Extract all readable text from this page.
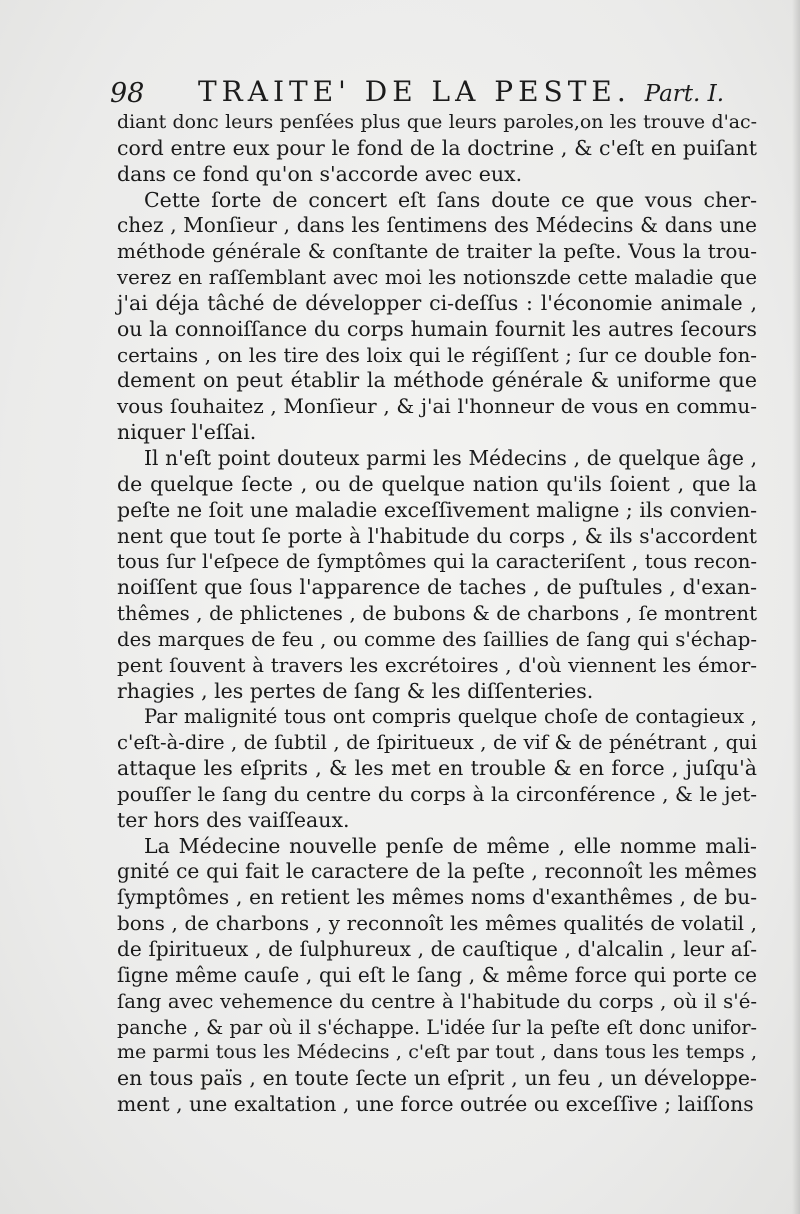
98 TRAITE' DE LA PESTE. Part. I.
diant donc leurs penſées plus que leurs paroles,on les trouve d'ac-
cord entre eux pour le fond de la doctrine , & c'eſt en puiſant
dans ce fond qu'on s'accorde avec eux.
Cette ſorte de concert eſt ſans doute ce que vous cher-
chez , Monſieur , dans les ſentimens des Médecins & dans une
méthode générale & conſtante de traiter la peſte. Vous la trou-
verez en raſſemblant avec moi les notionszde cette maladie que
j'ai déja tâché de développer ci-deſſus : l'économie animale ,
ou la connoiſſance du corps humain fournit les autres ſecours
certains , on les tire des loix qui le régiſſent ; ſur ce double fon-
dement on peut établir la méthode générale & uniforme que
vous ſouhaitez , Monſieur , & j'ai l'honneur de vous en commu-
niquer l'eſſai.
Il n'eſt point douteux parmi les Médecins , de quelque âge ,
de quelque ſecte , ou de quelque nation qu'ils ſoient , que la
peſte ne ſoit une maladie exceſſivement maligne ; ils convien-
nent que tout ſe porte à l'habitude du corps , & ils s'accordent
tous ſur l'eſpece de ſymptômes qui la caracteriſent , tous recon-
noiſſent que ſous l'apparence de taches , de puſtules , d'exan-
thêmes , de phlictenes , de bubons & de charbons , ſe montrent
des marques de feu , ou comme des ſaillies de ſang qui s'échap-
pent ſouvent à travers les excrétoires , d'où viennent les émor-
rhagies , les pertes de ſang & les diſſenteries.
Par malignité tous ont compris quelque choſe de contagieux ,
c'eſt-à-dire , de ſubtil , de ſpiritueux , de vif & de pénétrant , qui
attaque les eſprits , & les met en trouble & en force , juſqu'à
pouſſer le ſang du centre du corps à la circonférence , & le jet-
ter hors des vaiſſeaux.
La Médecine nouvelle penſe de même , elle nomme mali-
gnité ce qui fait le caractere de la peſte , reconnoît les mêmes
ſymptômes , en retient les mêmes noms d'exanthêmes , de bu-
bons , de charbons , y reconnoît les mêmes qualités de volatil ,
de ſpiritueux , de ſulphureux , de cauſtique , d'alcalin , leur aſ-
ſigne même cauſe , qui eſt le ſang , & même force qui porte ce
ſang avec vehemence du centre à l'habitude du corps , où il s'é-
panche , & par où il s'échappe. L'idée ſur la peſte eſt donc unifor-
me parmi tous les Médecins , c'eſt par tout , dans tous les temps ,
en tous païs , en toute ſecte un eſprit , un feu , un développe-
ment , une exaltation , une force outrée ou exceſſive ; laiſſons
